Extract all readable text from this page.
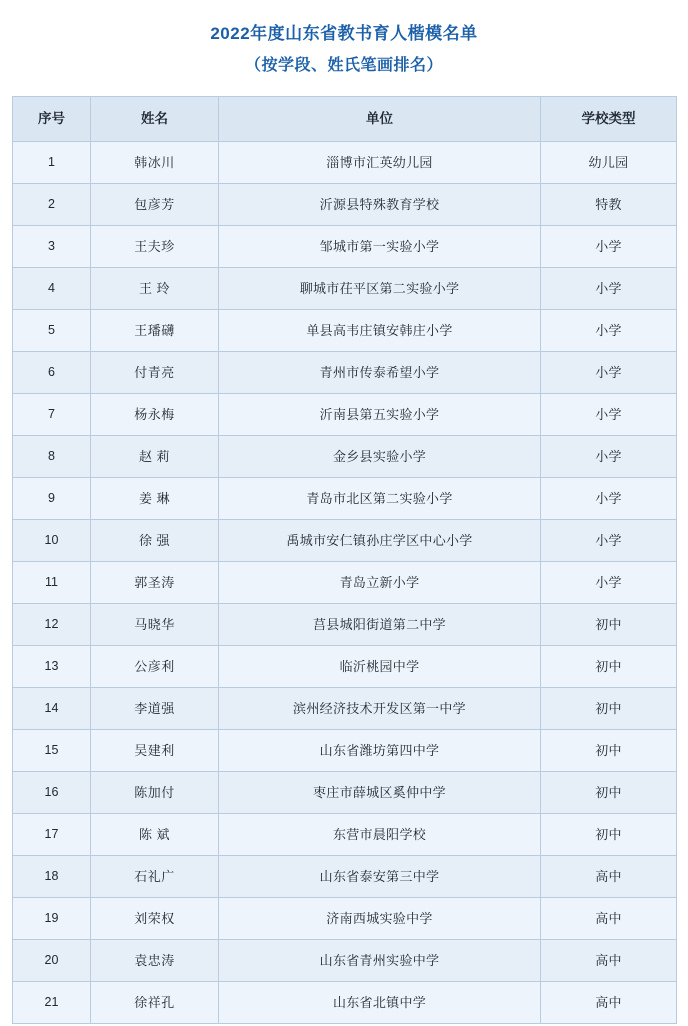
2022年度山东省教书育人楷模名单
（按学段、姓氏笔画排名）
序号	姓名	单位	学校类型
1	韩冰川	淄博市汇英幼儿园	幼儿园
2	包彦芳	沂源县特殊教育学校	特教
3	王夫珍	邹城市第一实验小学	小学
4	王 玲	聊城市茌平区第二实验小学	小学
5	王璠礴	单县高韦庄镇安韩庄小学	小学
6	付青亮	青州市传泰希望小学	小学
7	杨永梅	沂南县第五实验小学	小学
8	赵 莉	金乡县实验小学	小学
9	姜 琳	青岛市北区第二实验小学	小学
10	徐 强	禹城市安仁镇孙庄学区中心小学	小学
11	郭圣涛	青岛立新小学	小学
12	马晓华	莒县城阳街道第二中学	初中
13	公彦利	临沂桃园中学	初中
14	李道强	滨州经济技术开发区第一中学	初中
15	吴建利	山东省潍坊第四中学	初中
16	陈加付	枣庄市薛城区奚仲中学	初中
17	陈 斌	东营市晨阳学校	初中
18	石礼广	山东省泰安第三中学	高中
19	刘荣权	济南西城实验中学	高中
20	袁忠涛	山东省青州实验中学	高中
21	徐祥孔	山东省北镇中学	高中
